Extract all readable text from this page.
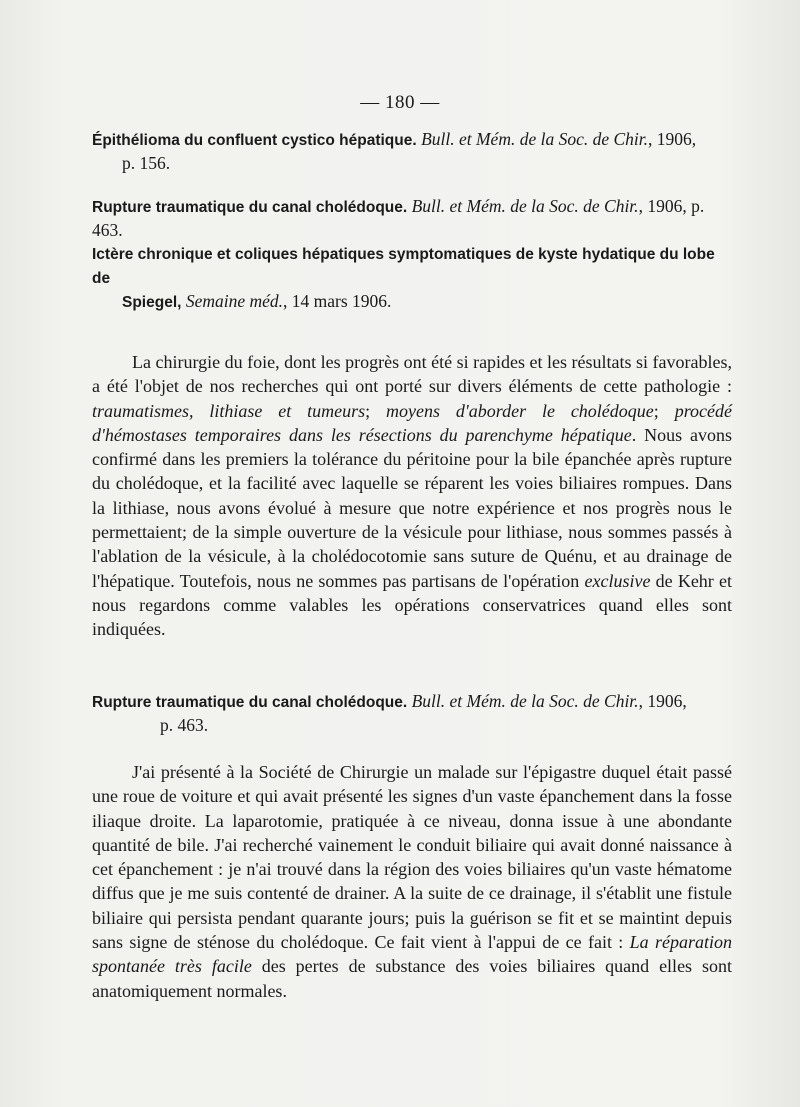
— 180 —
Épithélioma du confluent cystico hépatique. Bull. et Mém. de la Soc. de Chir., 1906,
p. 156.
Rupture traumatique du canal cholédoque. Bull. et Mém. de la Soc. de Chir., 1906, p. 463.
Ictère chronique et coliques hépatiques symptomatiques de kyste hydatique du lobe de
Spiegel, Semaine méd., 14 mars 1906.
La chirurgie du foie, dont les progrès ont été si rapides et les résultats si favorables, a été l'objet de nos recherches qui ont porté sur divers éléments de cette pathologie : traumatismes, lithiase et tumeurs; moyens d'aborder le cholédoque; procédé d'hémostases temporaires dans les résections du parenchyme hépatique. Nous avons confirmé dans les premiers la tolérance du péritoine pour la bile épanchée après rupture du cholédoque, et la facilité avec laquelle se réparent les voies biliaires rompues. Dans la lithiase, nous avons évolué à mesure que notre expérience et nos progrès nous le permettaient; de la simple ouverture de la vésicule pour lithiase, nous sommes passés à l'ablation de la vésicule, à la cholédocotomie sans suture de Quénu, et au drainage de l'hépatique. Toutefois, nous ne sommes pas partisans de l'opération exclusive de Kehr et nous regardons comme valables les opérations conservatrices quand elles sont indiquées.
Rupture traumatique du canal cholédoque. Bull. et Mém. de la Soc. de Chir., 1906,
p. 463.
J'ai présenté à la Société de Chirurgie un malade sur l'épigastre duquel était passé une roue de voiture et qui avait présenté les signes d'un vaste épanchement dans la fosse iliaque droite. La laparotomie, pratiquée à ce niveau, donna issue à une abondante quantité de bile. J'ai recherché vainement le conduit biliaire qui avait donné naissance à cet épanchement : je n'ai trouvé dans la région des voies biliaires qu'un vaste hématome diffus que je me suis contenté de drainer. A la suite de ce drainage, il s'établit une fistule biliaire qui persista pendant quarante jours; puis la guérison se fit et se maintint depuis sans signe de sténose du cholédoque. Ce fait vient à l'appui de ce fait : La réparation spontanée très facile des pertes de substance des voies biliaires quand elles sont anatomiquement normales.
